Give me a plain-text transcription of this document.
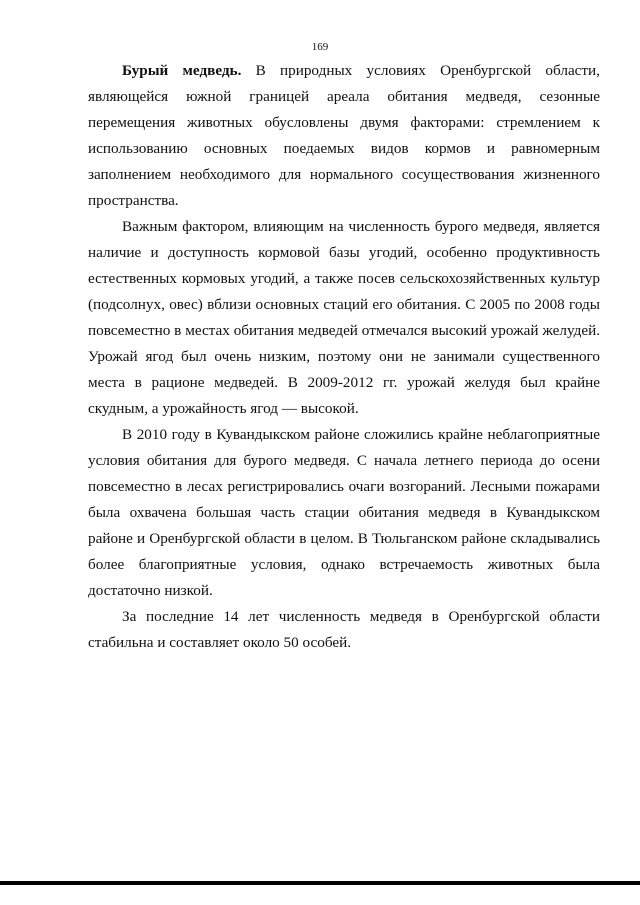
169

Бурый медведь. В природных условиях Оренбургской области, являющейся южной границей ареала обитания медведя, сезонные перемещения животных обусловлены двумя факторами: стремлением к использованию основных поедаемых видов кормов и равномерным заполнением необходимого для нормального сосуществования жизненного пространства.

Важным фактором, влияющим на численность бурого медведя, является наличие и доступность кормовой базы угодий, особенно продуктивность естественных кормовых угодий, а также посев сельскохозяйственных культур (подсолнух, овес) вблизи основных стаций его обитания. С 2005 по 2008 годы повсеместно в местах обитания медведей отмечался высокий урожай желудей. Урожай ягод был очень низким, поэтому они не занимали существенного места в рационе медведей. В 2009-2012 гг. урожай желудя был крайне скудным, а урожайность ягод — высокой.

В 2010 году в Кувандыкском районе сложились крайне неблагоприятные условия обитания для бурого медведя. С начала летнего периода до осени повсеместно в лесах регистрировались очаги возгораний. Лесными пожарами была охвачена большая часть стации обитания медведя в Кувандыкском районе и Оренбургской области в целом. В Тюльганском районе складывались более благоприятные условия, однако встречаемость животных была достаточно низкой.

За последние 14 лет численность медведя в Оренбургской области стабильна и составляет около 50 особей.
